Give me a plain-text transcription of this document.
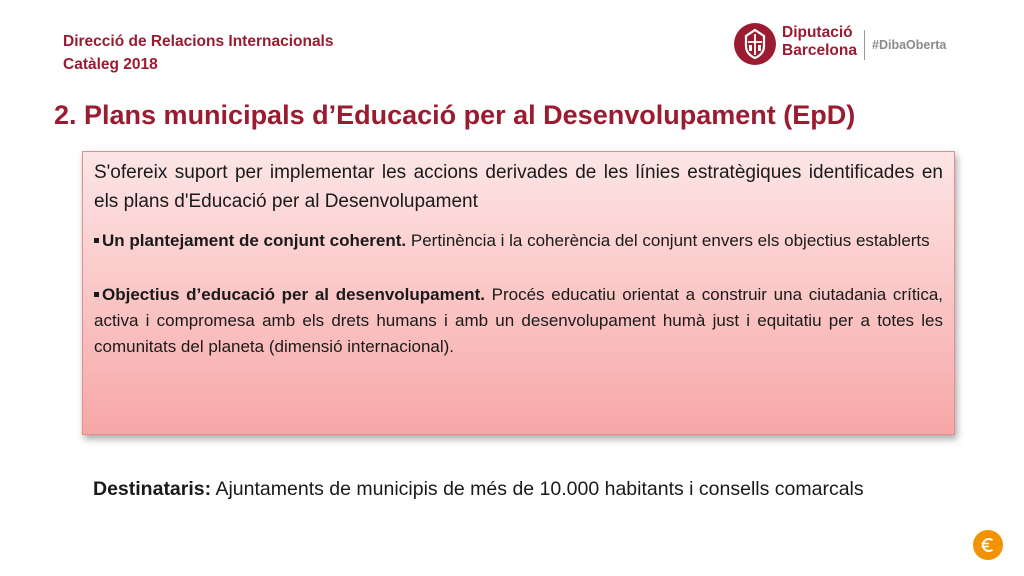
Direcció de Relacions Internacionals
Catàleg 2018
Diputació
Barcelona #DibaOberta
2. Plans municipals d’Educació per al Desenvolupament (EpD)

S'ofereix suport per implementar les accions derivades de les línies estratègiques identificades en els plans d'Educació per al Desenvolupament

Un plantejament de conjunt coherent. Pertinència i la coherència del conjunt envers els objectius establerts

Objectius d’educació per al desenvolupament. Procés educatiu orientat a construir una ciutadania crítica, activa i compromesa amb els drets humans i amb un desenvolupament humà just i equitatiu per a totes les comunitats del planeta (dimensió internacional).

Destinataris: Ajuntaments de municipis de més de 10.000 habitants i consells comarcals
